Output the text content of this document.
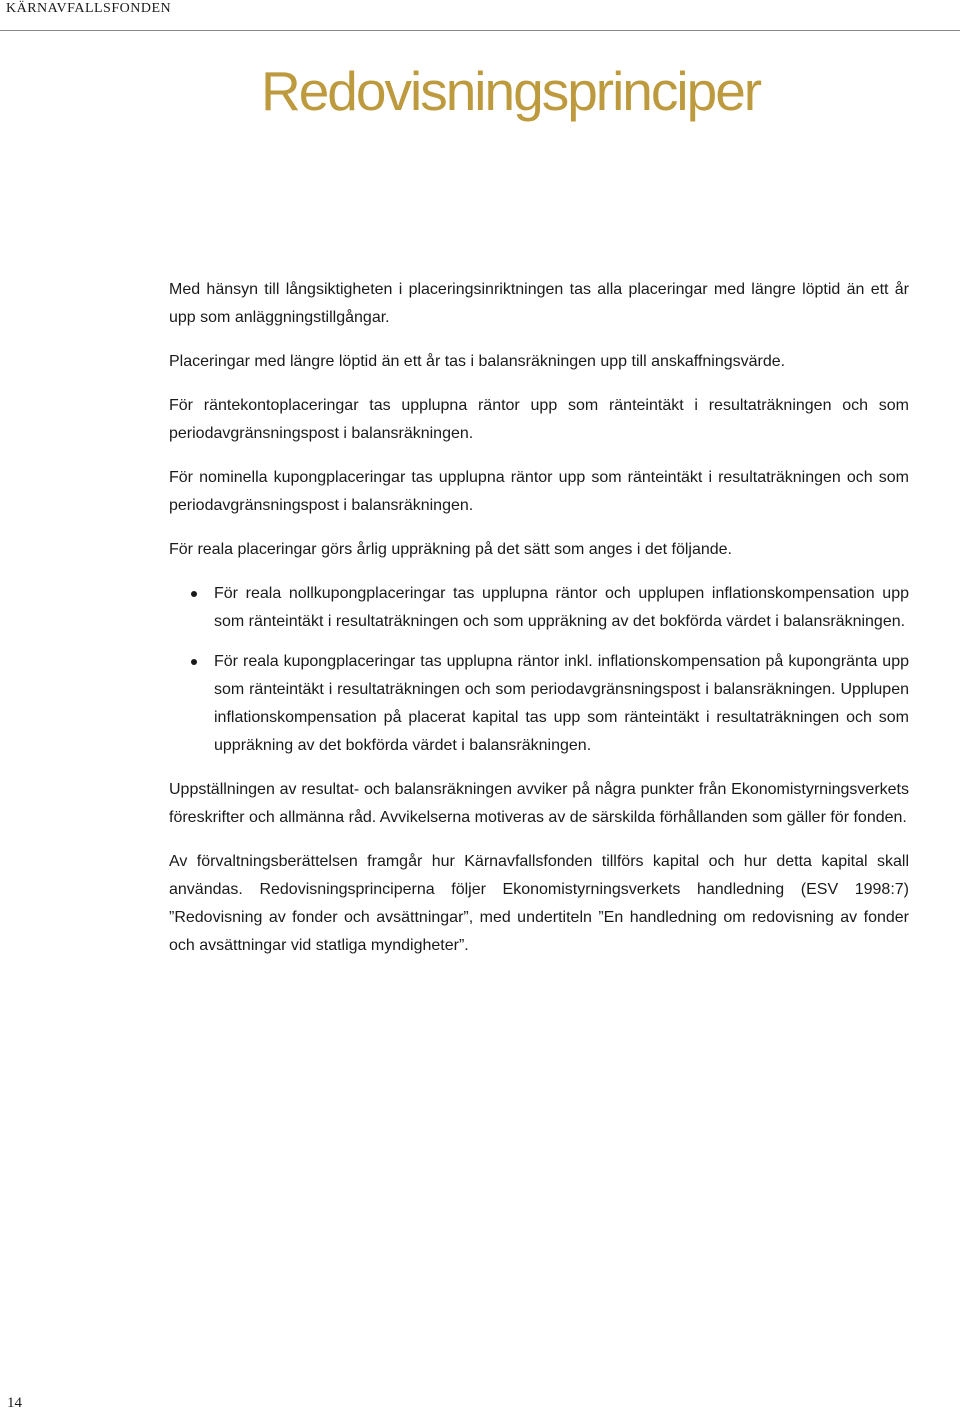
KÄRNAVFALLSFONDEN
Redovisningsprinciper

Med hänsyn till långsiktigheten i placeringsinriktningen tas alla placeringar med längre löptid än ett år upp som anläggningstillgångar.

Placeringar med längre löptid än ett år tas i balansräkningen upp till anskaffningsvärde.

För räntekontoplaceringar tas upplupna räntor upp som ränteintäkt i resultaträkningen och som periodavgränsningspost i balansräkningen.

För nominella kupongplaceringar tas upplupna räntor upp som ränteintäkt i resultaträkningen och som periodavgränsningspost i balansräkningen.

För reala placeringar görs årlig uppräkning på det sätt som anges i det följande.

För reala nollkupongplaceringar tas upplupna räntor och upplupen inflationskompensation upp som ränteintäkt i resultaträkningen och som uppräkning av det bokförda värdet i balansräkningen.
För reala kupongplaceringar tas upplupna räntor inkl. inflationskompensation på kupongränta upp som ränteintäkt i resultaträkningen och som periodavgränsningspost i balansräkningen. Upplupen inflationskompensation på placerat kapital tas upp som ränteintäkt i resultaträkningen och som uppräkning av det bokförda värdet i balansräkningen.

Uppställningen av resultat- och balansräkningen avviker på några punkter från Ekonomistyrningsverkets föreskrifter och allmänna råd. Avvikelserna motiveras av de särskilda förhållanden som gäller för fonden.

Av förvaltningsberättelsen framgår hur Kärnavfallsfonden tillförs kapital och hur detta kapital skall användas. Redovisningsprinciperna följer Ekonomistyrningsverkets handledning (ESV 1998:7) ”Redovisning av fonder och avsättningar”, med undertiteln ”En handledning om redovisning av fonder och avsättningar vid statliga myndigheter”.

14
